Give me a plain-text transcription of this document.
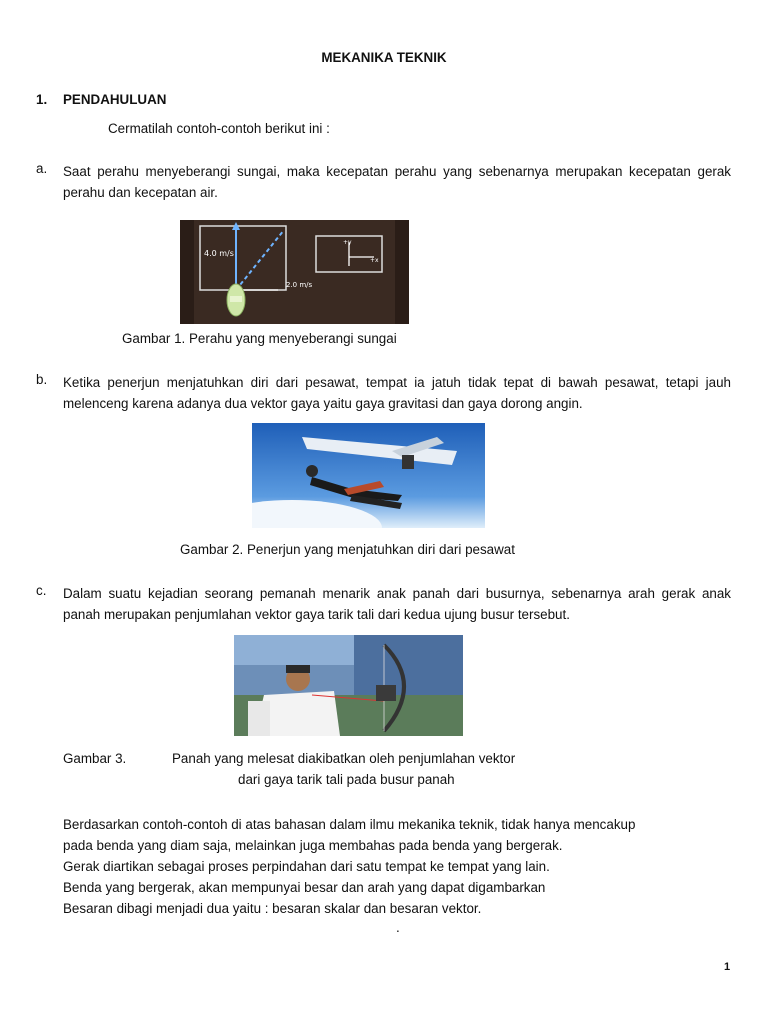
MEKANIKA TEKNIK
1. PENDAHULUAN
Cermatilah contoh-contoh berikut ini :
a. Saat perahu menyeberangi sungai, maka kecepatan perahu yang sebenarnya merupakan kecepatan gerak perahu dan kecepatan air.
4.0 m/s
2.0 m/s
+y
+x
Gambar 1. Perahu yang menyeberangi sungai
b. Ketika penerjun menjatuhkan diri dari pesawat, tempat ia jatuh tidak tepat di bawah pesawat, tetapi jauh melenceng karena adanya dua vektor gaya yaitu gaya gravitasi dan gaya dorong angin.
Gambar 2. Penerjun yang menjatuhkan diri dari pesawat
c. Dalam suatu kejadian seorang pemanah menarik anak panah dari busurnya, sebenarnya arah gerak anak panah merupakan penjumlahan vektor gaya tarik tali dari kedua ujung busur tersebut.
Gambar 3.	Panah yang melesat diakibatkan oleh penjumlahan vektor
dari gaya tarik tali pada busur panah
Berdasarkan contoh-contoh di atas bahasan dalam ilmu mekanika teknik, tidak hanya mencakup
pada benda yang diam saja, melainkan juga membahas pada benda yang bergerak.
Gerak diartikan sebagai proses perpindahan dari satu tempat ke tempat yang lain.
Benda yang bergerak, akan mempunyai besar dan arah yang dapat digambarkan
Besaran dibagi menjadi dua yaitu : besaran skalar dan besaran vektor.
.
1
